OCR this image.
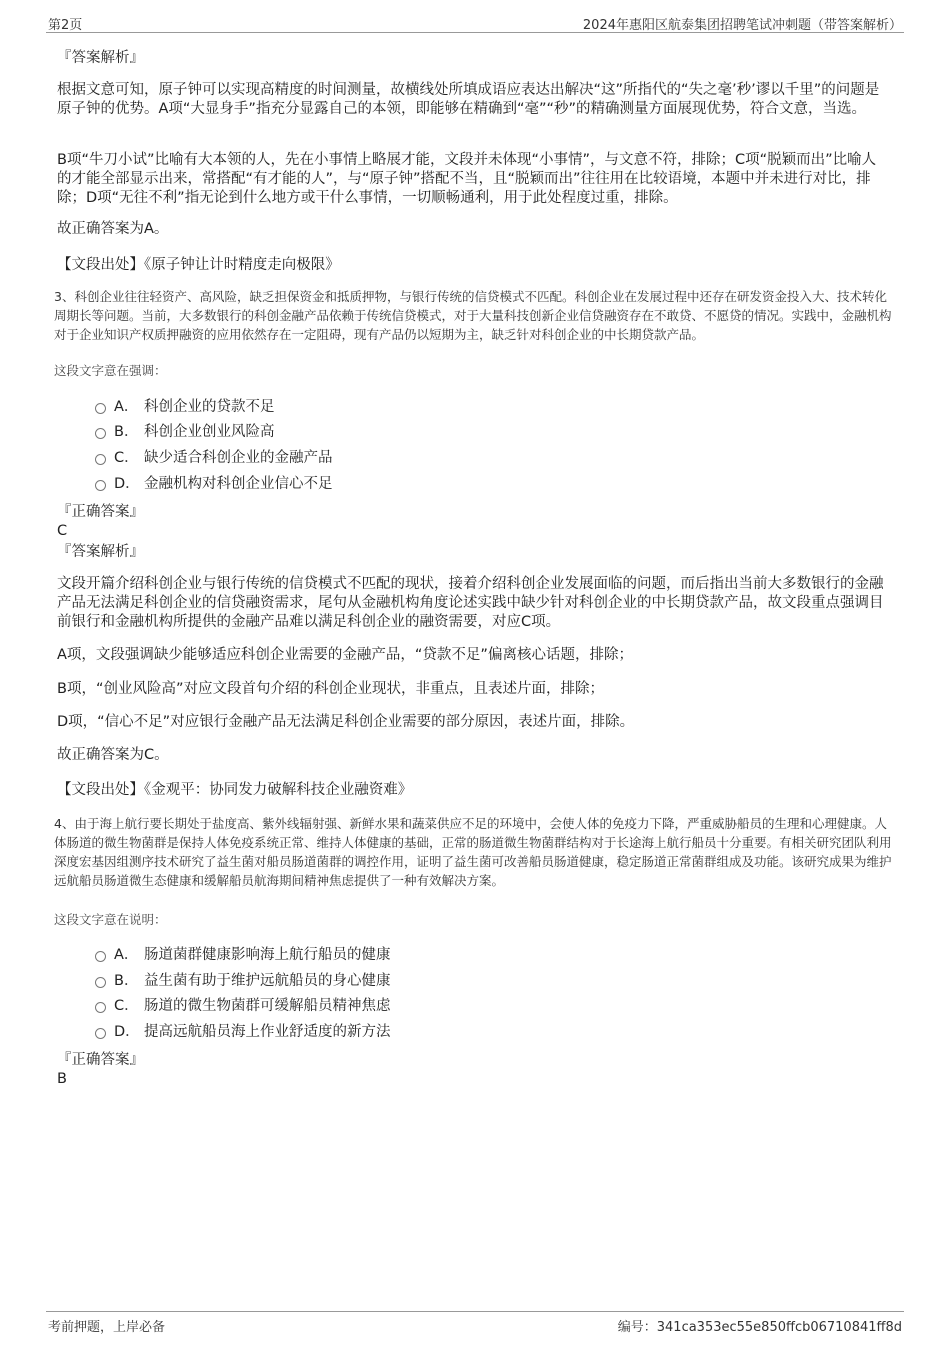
第2页	2024年惠阳区航泰集团招聘笔试冲刺题（带答案解析）
『答案解析』
根据文意可知，原子钟可以实现高精度的时间测量，故横线处所填成语应表达出解决“这”所指代的“失之毫’秒’谬以千里”的问题是原子钟的优势。A项“大显身手”指充分显露自己的本领，即能够在精确到“毫”“秒”的精确测量方面展现优势，符合文意，当选。
B项“牛刀小试”比喻有大本领的人，先在小事情上略展才能，文段并未体现“小事情”，与文意不符，排除；C项“脱颖而出”比喻人的才能全部显示出来，常搭配“有才能的人”，与“原子钟”搭配不当，且“脱颖而出”往往用在比较语境，本题中并未进行对比，排除；D项“无往不利”指无论到什么地方或干什么事情，一切顺畅通利，用于此处程度过重，排除。
故正确答案为A。
【文段出处】《原子钟让计时精度走向极限》
3、科创企业往往轻资产、高风险，缺乏担保资金和抵质押物，与银行传统的信贷模式不匹配。科创企业在发展过程中还存在研发资金投入大、技术转化周期长等问题。当前，大多数银行的科创金融产品依赖于传统信贷模式，对于大量科技创新企业信贷融资存在不敢贷、不愿贷的情况。实践中，金融机构对于企业知识产权质押融资的应用依然存在一定阻碍，现有产品仍以短期为主，缺乏针对科创企业的中长期贷款产品。
这段文字意在强调：
A． 科创企业的贷款不足
B． 科创企业创业风险高
C． 缺少适合科创企业的金融产品
D． 金融机构对科创企业信心不足
『正确答案』
C
『答案解析』
文段开篇介绍科创企业与银行传统的信贷模式不匹配的现状，接着介绍科创企业发展面临的问题，而后指出当前大多数银行的金融产品无法满足科创企业的信贷融资需求，尾句从金融机构角度论述实践中缺少针对科创企业的中长期贷款产品，故文段重点强调目前银行和金融机构所提供的金融产品难以满足科创企业的融资需要，对应C项。
A项，文段强调缺少能够适应科创企业需要的金融产品，“贷款不足”偏离核心话题，排除；
B项，“创业风险高”对应文段首句介绍的科创企业现状，非重点，且表述片面，排除；
D项，“信心不足”对应银行金融产品无法满足科创企业需要的部分原因，表述片面，排除。
故正确答案为C。
【文段出处】《金观平：协同发力破解科技企业融资难》
4、由于海上航行要长期处于盐度高、紫外线辐射强、新鲜水果和蔬菜供应不足的环境中，会使人体的免疫力下降，严重威胁船员的生理和心理健康。人体肠道的微生物菌群是保持人体免疫系统正常、维持人体健康的基础，正常的肠道微生物菌群结构对于长途海上航行船员十分重要。有相关研究团队利用深度宏基因组测序技术研究了益生菌对船员肠道菌群的调控作用，证明了益生菌可改善船员肠道健康，稳定肠道正常菌群组成及功能。该研究成果为维护远航船员肠道微生态健康和缓解船员航海期间精神焦虑提供了一种有效解决方案。
这段文字意在说明：
A． 肠道菌群健康影响海上航行船员的健康
B． 益生菌有助于维护远航船员的身心健康
C． 肠道的微生物菌群可缓解船员精神焦虑
D． 提高远航船员海上作业舒适度的新方法
『正确答案』
B
考前押题，上岸必备	编号：341ca353ec55e850ffcb06710841ff8d
